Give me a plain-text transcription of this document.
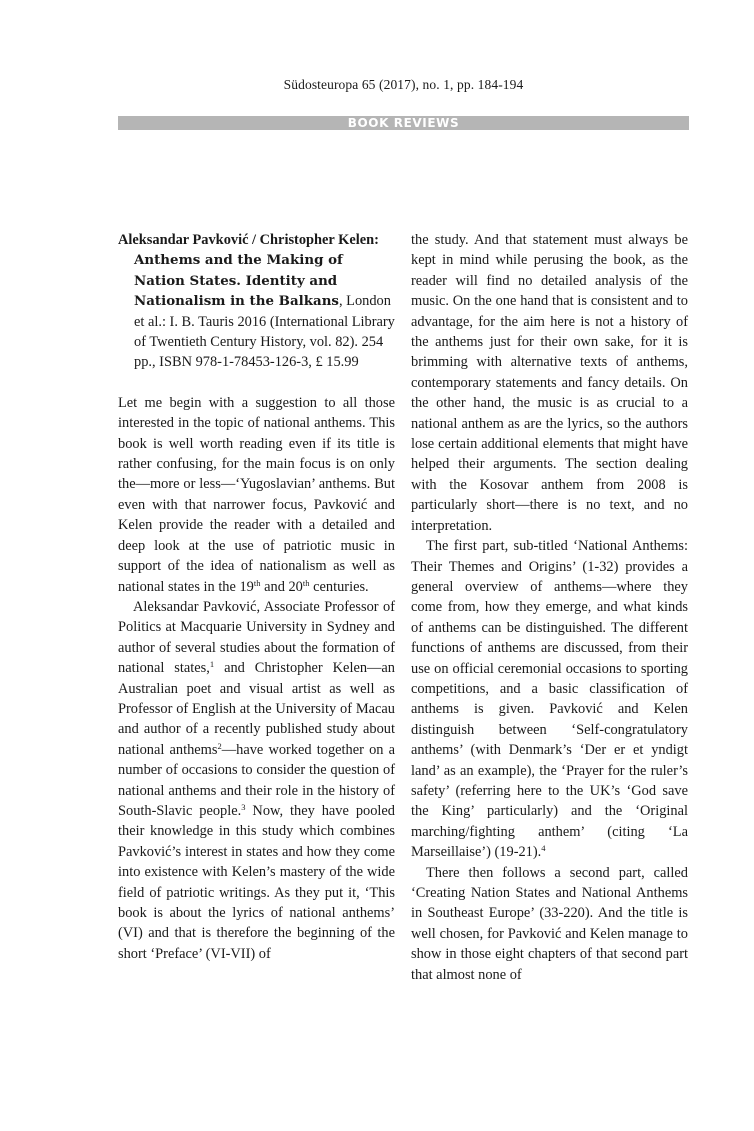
Südosteuropa 65 (2017), no. 1, pp. 184-194
BOOK REVIEWS

Aleksandar Pavković / Christopher Kelen: Anthems and the Making of Nation States. Identity and Nationalism in the Balkans, London et al.: I. B. Tauris 2016 (International Library of Twentieth Century History, vol. 82). 254 pp., ISBN 978-1-78453-126-3, £ 15.99

Let me begin with a suggestion to all those interested in the topic of national anthems. This book is well worth reading even if its title is rather confusing, for the main focus is on only the—more or less—‘Yugoslavian’ anthems. But even with that narrower focus, Pavković and Kelen provide the reader with a detailed and deep look at the use of patriotic music in support of the idea of nationalism as well as national states in the 19th and 20th centuries.

Aleksandar Pavković, Associate Professor of Politics at Macquarie University in Sydney and author of several studies about the formation of national states,$^1$ and Christopher Kelen—an Australian poet and visual artist as well as Professor of English at the University of Macau and author of a recently published study about national anthems$^2$—have worked together on a number of occasions to consider the question of national anthems and their role in the history of South-Slavic people.$^3$ Now, they have pooled their knowledge in this study which combines Pavković’s interest in states and how they come into existence with Kelen’s mastery of the wide field of patriotic writings. As they put it, ‘This book is about the lyrics of national anthems’ (VI) and that is therefore the beginning of the short ‘Preface’ (VI-VII) of

the study. And that statement must always be kept in mind while perusing the book, as the reader will find no detailed analysis of the music. On the one hand that is consistent and to advantage, for the aim here is not a history of the anthems just for their own sake, for it is brimming with alternative texts of anthems, contemporary statements and fancy details. On the other hand, the music is as crucial to a national anthem as are the lyrics, so the authors lose certain additional elements that might have helped their arguments. The section dealing with the Kosovar anthem from 2008 is particularly short—there is no text, and no interpretation.

The first part, sub-titled ‘National Anthems: Their Themes and Origins’ (1-32) provides a general overview of anthems—where they come from, how they emerge, and what kinds of anthems can be distinguished. The different functions of anthems are discussed, from their use on official ceremonial occasions to sporting competitions, and a basic classification of anthems is given. Pavković and Kelen distinguish between ‘Self-congratulatory anthems’ (with Denmark’s ‘Der er et yndigt land’ as an example), the ‘Prayer for the ruler’s safety’ (referring here to the UK’s ‘God save the King’ particularly) and the ‘Original marching/fighting anthem’ (citing ‘La Marseillaise’) (19-21).$^4$

There then follows a second part, called ‘Creating Nation States and National Anthems in Southeast Europe’ (33-220). And the title is well chosen, for Pavković and Kelen manage to show in those eight chapters of that second part that almost none of
